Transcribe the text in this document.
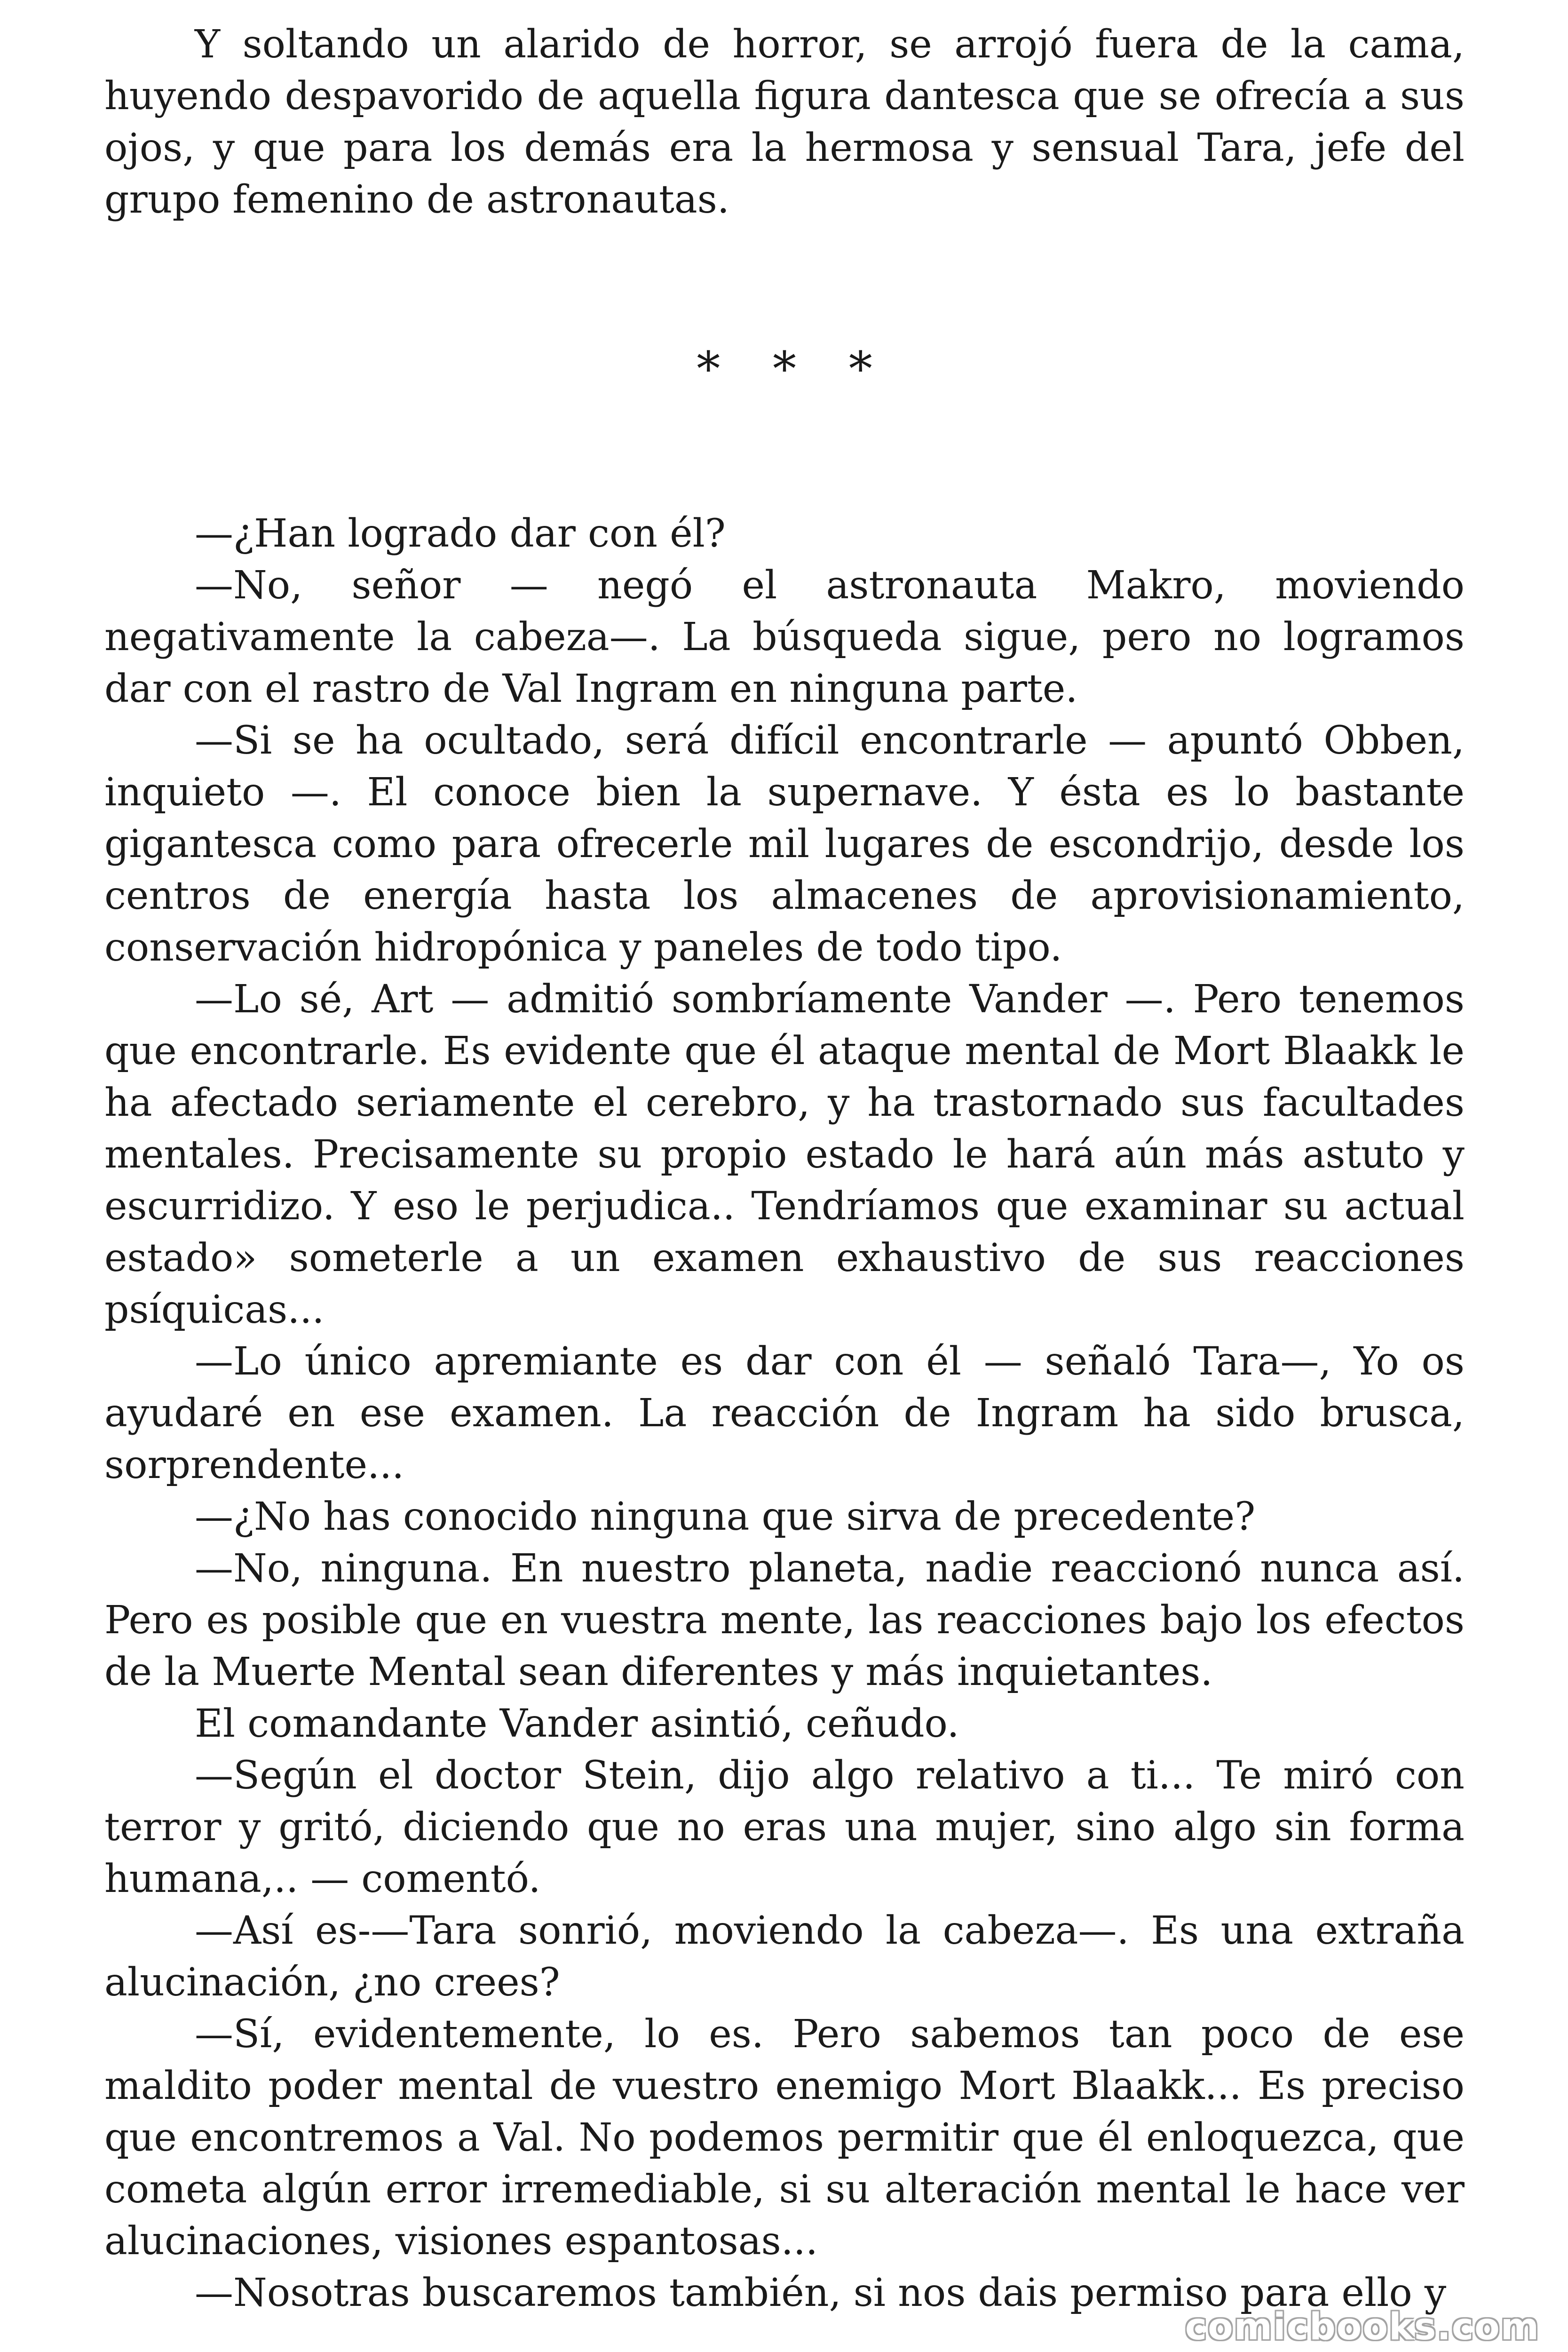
Y soltando un alarido de horror, se arrojó fuera de la cama, huyendo despavorido de aquella figura dantesca que se ofrecía a sus ojos, y que para los demás era la hermosa y sensual Tara, jefe del grupo femenino de astronautas.

* * *

—¿Han logrado dar con él?

—No, señor — negó el astronauta Makro, moviendo negativamente la cabeza—. La búsqueda sigue, pero no logramos dar con el rastro de Val Ingram en ninguna parte.

—Si se ha ocultado, será difícil encontrarle — apuntó Obben, inquieto —. El conoce bien la supernave. Y ésta es lo bastante gigantesca como para ofrecerle mil lugares de escondrijo, desde los centros de energía hasta los almacenes de aprovisionamiento, conservación hidropónica y paneles de todo tipo.

—Lo sé, Art — admitió sombríamente Vander —. Pero tenemos que encontrarle. Es evidente que él ataque mental de Mort Blaakk le ha afectado seriamente el cerebro, y ha trastornado sus facultades mentales. Precisamente su propio estado le hará aún más astuto y escurridizo. Y eso le perjudica.. Tendríamos que examinar su actual estado» someterle a un examen exhaustivo de sus reacciones psíquicas...

—Lo único apremiante es dar con él — señaló Tara—, Yo os ayudaré en ese examen. La reacción de Ingram ha sido brusca, sorprendente...

—¿No has conocido ninguna que sirva de precedente?

—No, ninguna. En nuestro planeta, nadie reaccionó nunca así. Pero es posible que en vuestra mente, las reacciones bajo los efectos de la Muerte Mental sean diferentes y más inquietantes.

El comandante Vander asintió, ceñudo.

—Según el doctor Stein, dijo algo relativo a ti... Te miró con terror y gritó, diciendo que no eras una mujer, sino algo sin forma humana,.. — comentó.

—Así es-—Tara sonrió, moviendo la cabeza—. Es una extraña alucinación, ¿no crees?

—Sí, evidentemente, lo es. Pero sabemos tan poco de ese maldito poder mental de vuestro enemigo Mort Blaakk... Es preciso que encontremos a Val. No podemos permitir que él enloquezca, que cometa algún error irremediable, si su alteración mental le hace ver alucinaciones, visiones espantosas...

—Nosotras buscaremos también, si nos dais permiso para ello y

comicbooks.com
